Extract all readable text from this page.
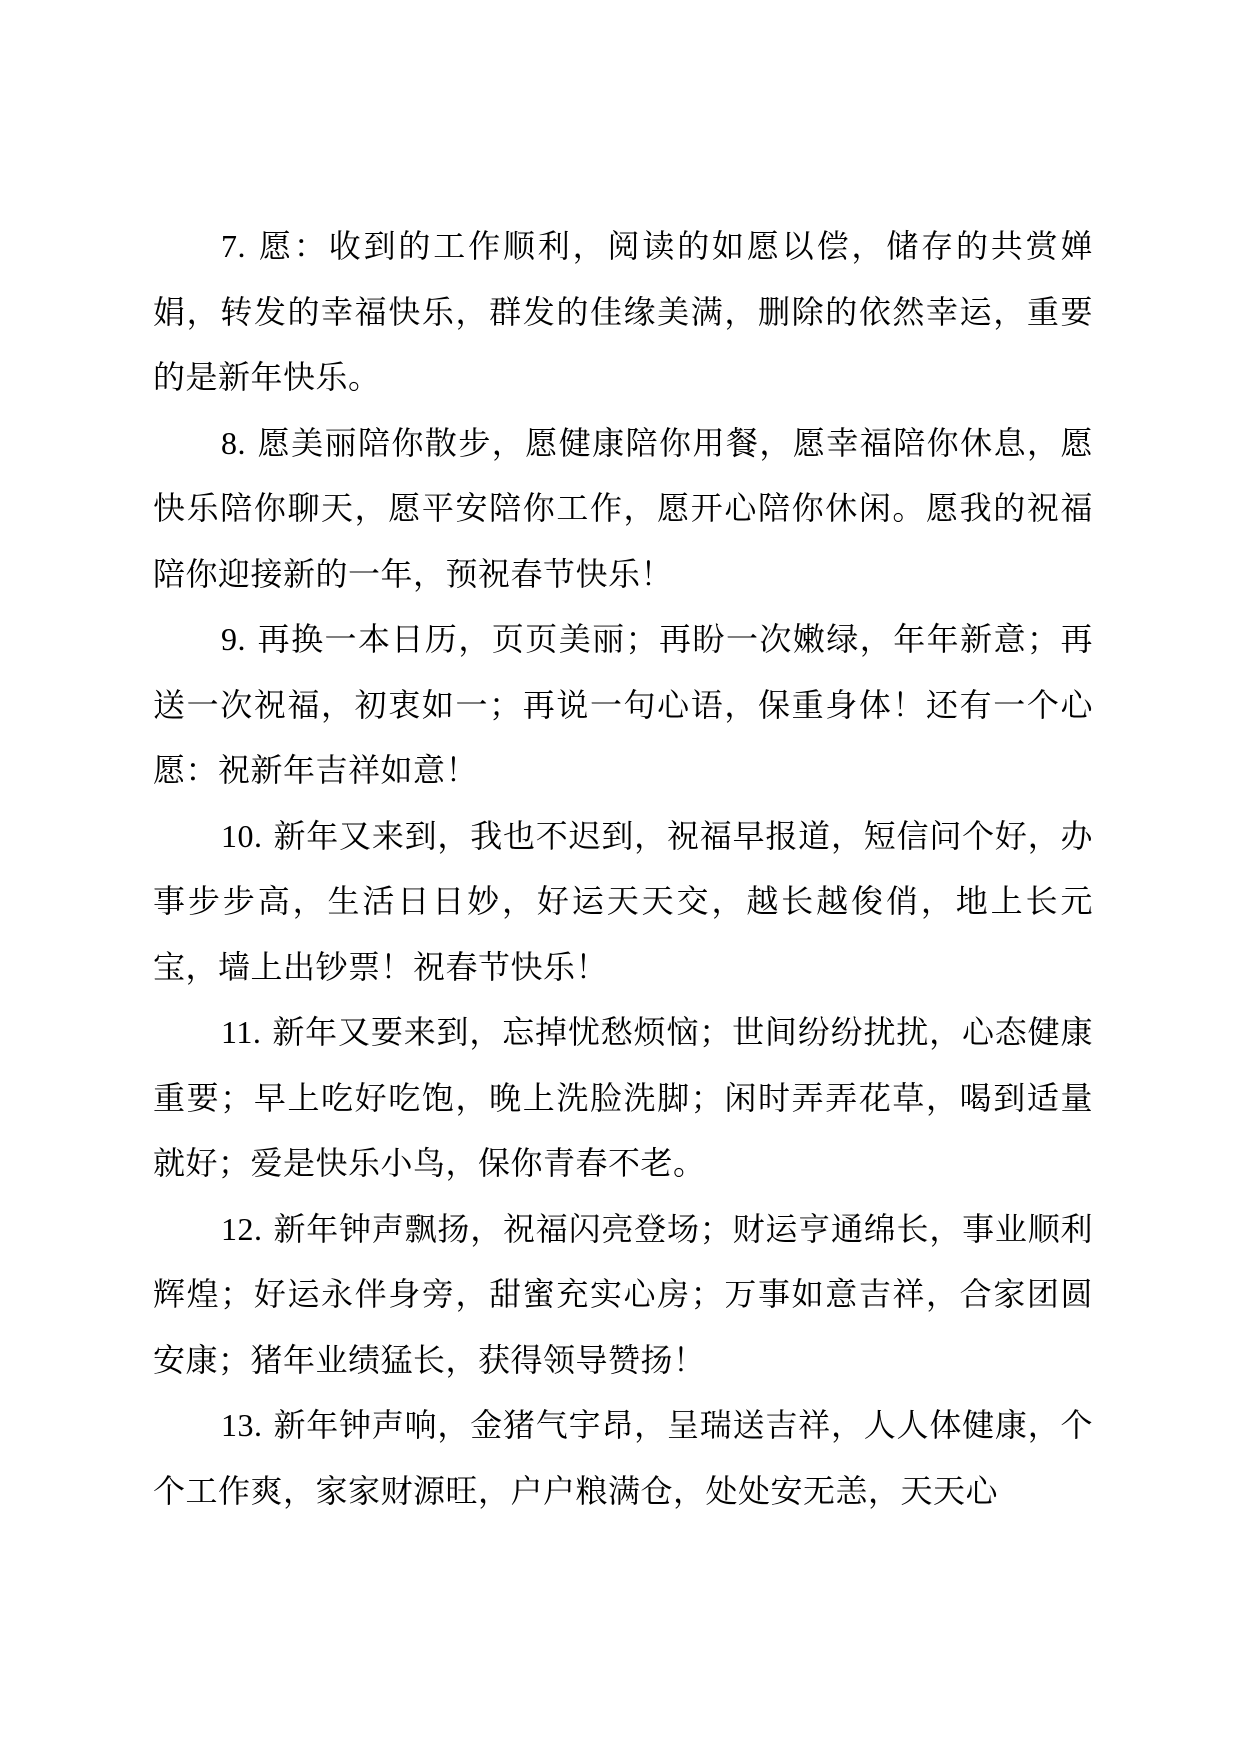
7. 愿：收到的工作顺利，阅读的如愿以偿，储存的共赏婵娟，转发的幸福快乐，群发的佳缘美满，删除的依然幸运，重要的是新年快乐。

8. 愿美丽陪你散步，愿健康陪你用餐，愿幸福陪你休息，愿快乐陪你聊天，愿平安陪你工作，愿开心陪你休闲。愿我的祝福陪你迎接新的一年，预祝春节快乐！

9. 再换一本日历，页页美丽；再盼一次嫩绿，年年新意；再送一次祝福，初衷如一；再说一句心语，保重身体！还有一个心愿：祝新年吉祥如意！

10. 新年又来到，我也不迟到，祝福早报道，短信问个好，办事步步高，生活日日妙，好运天天交，越长越俊俏，地上长元宝，墙上出钞票！祝春节快乐！

11. 新年又要来到，忘掉忧愁烦恼；世间纷纷扰扰，心态健康重要；早上吃好吃饱，晚上洗脸洗脚；闲时弄弄花草，喝到适量就好；爱是快乐小鸟，保你青春不老。

12. 新年钟声飘扬，祝福闪亮登场；财运亨通绵长，事业顺利辉煌；好运永伴身旁，甜蜜充实心房；万事如意吉祥，合家团圆安康；猪年业绩猛长，获得领导赞扬！

13. 新年钟声响，金猪气宇昂，呈瑞送吉祥，人人体健康，个个工作爽，家家财源旺，户户粮满仓，处处安无恙，天天心
